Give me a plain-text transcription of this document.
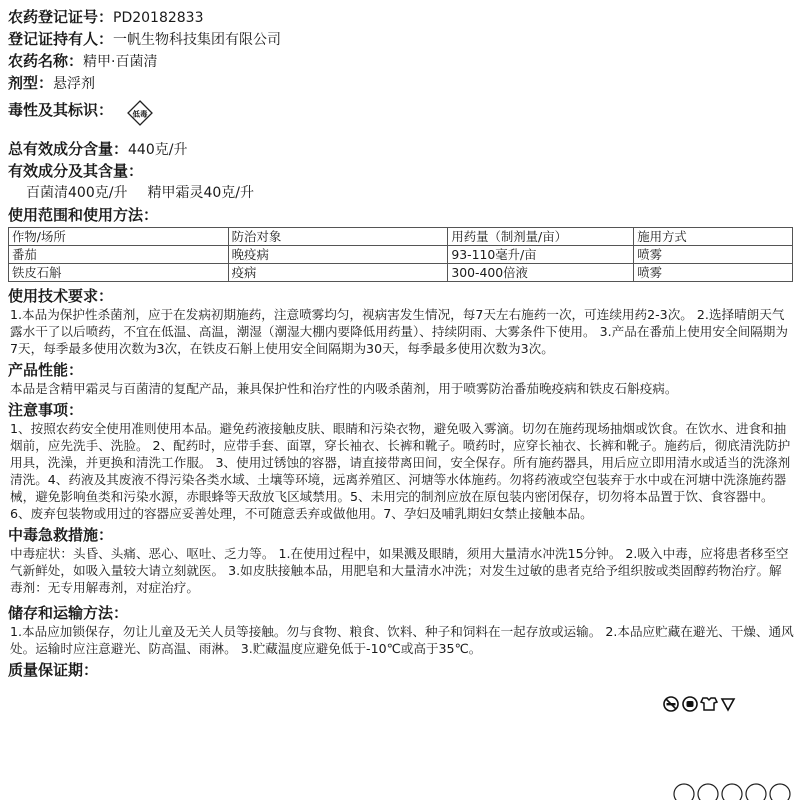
农药登记证号：PD20182833
登记证持有人：一帆生物科技集团有限公司
农药名称：精甲·百菌清
剂型：悬浮剂
毒性及其标识：	低毒
总有效成分含量：440克/升
有效成分及其含量：
百菌清400克/升 精甲霜灵40克/升
使用范围和使用方法：
作物/场所	防治对象	用药量（制剂量/亩）	施用方式
番茄	晚疫病	93-110毫升/亩	喷雾
铁皮石斛	疫病	300-400倍液	喷雾
使用技术要求：
1.本品为保护性杀菌剂，应于在发病初期施药，注意喷雾均匀，视病害发生情况，每7天左右施药一次，可连续用药2-3次。 2.选择晴朗天气露水干了以后喷药，不宜在低温、高温，潮湿（潮湿大棚内要降低用药量）、持续阴雨、大雾条件下使用。 3.产品在番茄上使用安全间隔期为7天，每季最多使用次数为3次，在铁皮石斛上使用安全间隔期为30天，每季最多使用次数为3次。
产品性能：
本品是含精甲霜灵与百菌清的复配产品，兼具保护性和治疗性的内吸杀菌剂，用于喷雾防治番茄晚疫病和铁皮石斛疫病。
注意事项：
1、按照农药安全使用准则使用本品。避免药液接触皮肤、眼睛和污染衣物，避免吸入雾滴。切勿在施药现场抽烟或饮食。在饮水、进食和抽烟前，应先洗手、洗脸。 2、配药时，应带手套、面罩，穿长袖衣、长裤和靴子。喷药时，应穿长袖衣、长裤和靴子。施药后，彻底清洗防护用具，洗澡，并更换和清洗工作服。 3、使用过锈蚀的容器，请直接带离田间，安全保存。所有施药器具，用后应立即用清水或适当的洗涤剂清洗。4、药液及其废液不得污染各类水域、土壤等环境，远离养殖区、河塘等水体施药。勿将药液或空包装弃于水中或在河塘中洗涤施药器械，避免影响鱼类和污染水源，赤眼蜂等天敌放飞区域禁用。5、未用完的制剂应放在原包装内密闭保存，切勿将本品置于饮、食容器中。6、废弃包装物或用过的容器应妥善处理，不可随意丢弃或做他用。7、孕妇及哺乳期妇女禁止接触本品。
中毒急救措施：
中毒症状：头昏、头痛、恶心、呕吐、乏力等。 1.在使用过程中，如果溅及眼睛，须用大量清水冲洗15分钟。 2.吸入中毒，应将患者移至空气新鲜处，如吸入量较大请立刻就医。 3.如皮肤接触本品，用肥皂和大量清水冲洗；对发生过敏的患者克给予组织胺或类固醇药物治疗。解毒剂：无专用解毒剂，对症治疗。
储存和运输方法：
1.本品应加锁保存，勿让儿童及无关人员等接触。勿与食物、粮食、饮料、种子和饲料在一起存放或运输。 2.本品应贮藏在避光、干燥、通风处。运输时应注意避光、防高温、雨淋。 3.贮藏温度应避免低于-10℃或高于35℃。
质量保证期：
